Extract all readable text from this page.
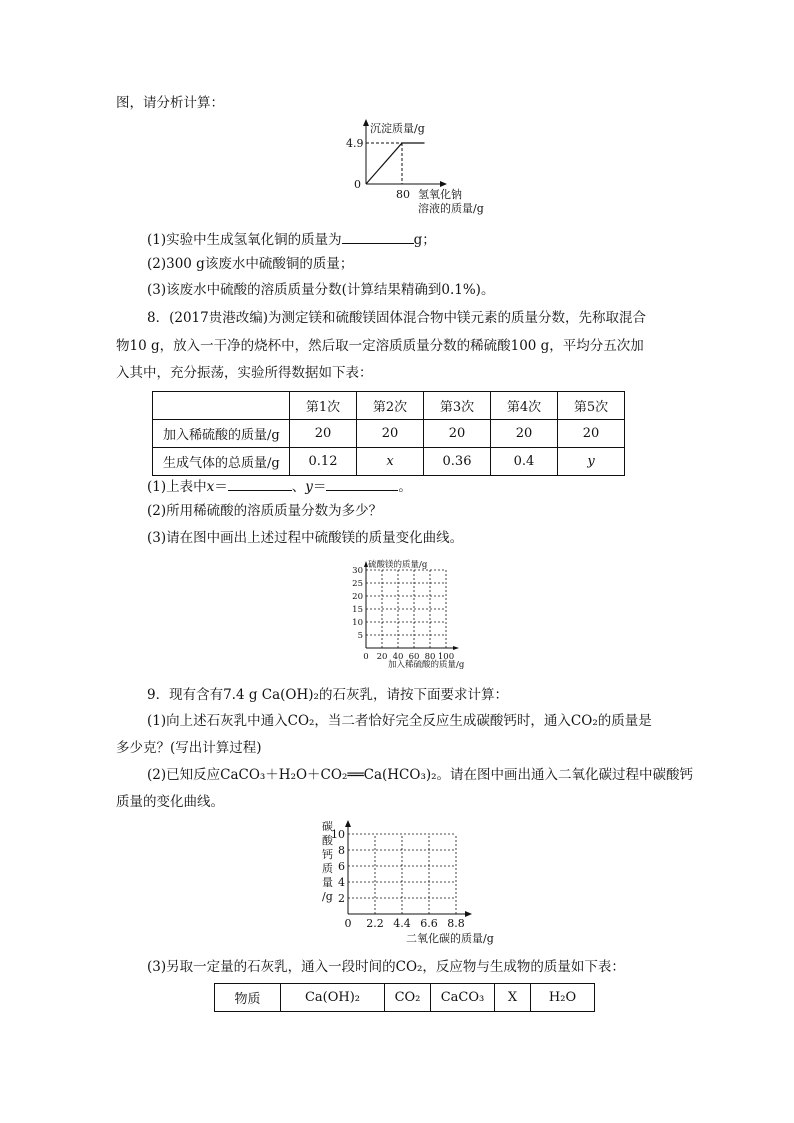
图，请分析计算：
沉淀质量/g
4.9
0
80 氢氧化钠
溶液的质量/g
(1)实验中生成氢氧化铜的质量为	g；
(2)300 g该废水中硫酸铜的质量；
(3)该废水中硫酸的溶质质量分数(计算结果精确到0.1%)。
8．(2017贵港改编)为测定镁和硫酸镁固体混合物中镁元素的质量分数，先称取混合
物10 g，放入一干净的烧杯中，然后取一定溶质质量分数的稀硫酸100 g，平均分五次加
入其中，充分振荡，实验所得数据如下表：
	第1次	第2次	第3次	第4次	第5次
加入稀硫酸的质量/g	20	20	20	20	20
生成气体的总质量/g	0.12	x	0.36	0.4	y
(1)上表中x＝	、y＝	。
(2)所用稀硫酸的溶质质量分数为多少？
(3)请在图中画出上述过程中硫酸镁的质量变化曲线。
0 20 40 60 80 100
5
10
15
20
25
30
硫酸镁的质量/g
加入稀硫酸的质量/g
9．现有含有7.4 g Ca(OH)₂的石灰乳，请按下面要求计算：
(1)向上述石灰乳中通入CO₂，当二者恰好完全反应生成碳酸钙时，通入CO₂的质量是
多少克？(写出计算过程)
(2)已知反应CaCO₃＋H₂O＋CO₂══Ca(HCO₃)₂。请在图中画出通入二氧化碳过程中碳酸钙
质量的变化曲线。
碳
酸
钙
质
量
/g
0 2.2 4.4 6.6 8.8
2
4
6
8
10
二氧化碳的质量/g
(3)另取一定量的石灰乳，通入一段时间的CO₂，反应物与生成物的质量如下表：
物质	Ca(OH)₂	CO₂	CaCO₃	X	H₂O
